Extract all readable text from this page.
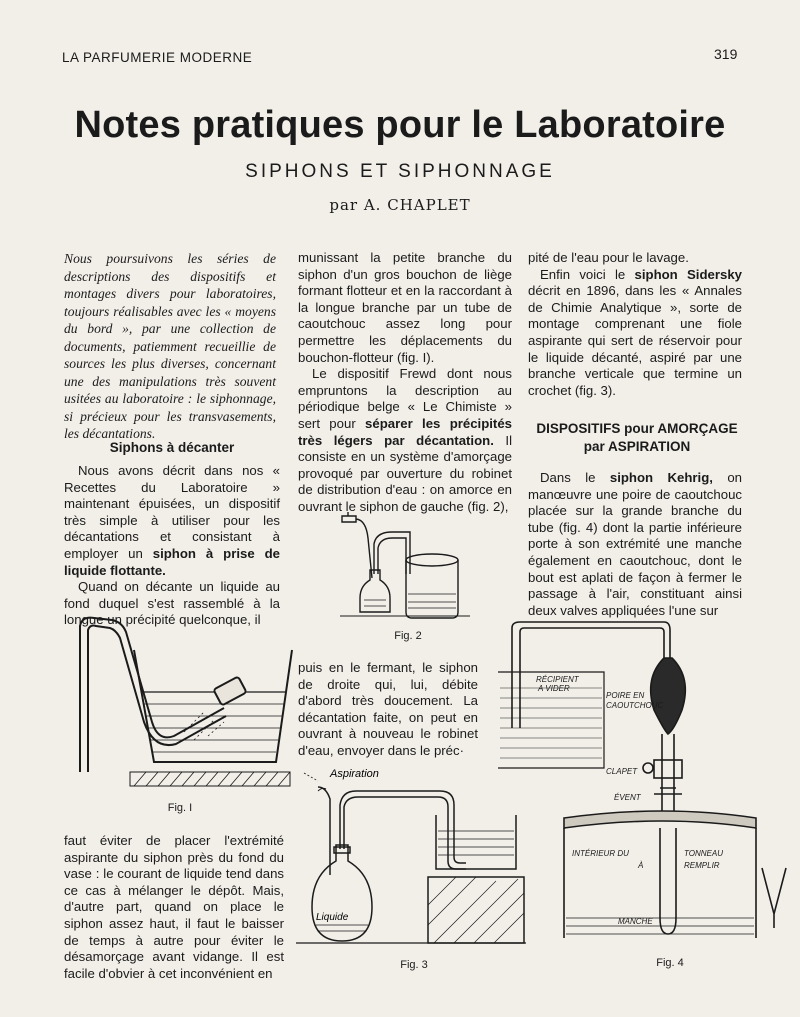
LA PARFUMERIE MODERNE	319
Notes pratiques pour le Laboratoire
SIPHONS ET SIPHONNAGE
par A. CHAPLET
Nous poursuivons les séries de descriptions des dispositifs et montages divers pour laboratoires, toujours réalisables avec les « moyens du bord », par une collection de documents, patiemment recueillie de sources les plus diverses, concernant une des manipulations très souvent usitées au laboratoire : le siphonnage, si précieux pour les transvasements, les décantations.
Siphons à décanter
Nous avons décrit dans nos « Recettes du Laboratoire » maintenant épuisées, un dispositif très simple à utiliser pour les décantations et consistant à employer un siphon à prise de liquide flottante.
Quand on décante un liquide au fond duquel s'est rassemblé à la longue un précipité quelconque, il
Fig. I
faut éviter de placer l'extrémité aspirante du siphon près du fond du vase : le courant de liquide tend dans ce cas à mélanger le dépôt. Mais, d'autre part, quand on place le siphon assez haut, il faut le baisser de temps à autre pour éviter le désamorçage avant vidange. Il est facile d'obvier à cet inconvénient en
munissant la petite branche du siphon d'un gros bouchon de liège formant flotteur et en la raccordant à la longue branche par un tube de caoutchouc assez long pour permettre les déplacements du bouchon-flotteur (fig. I).
Le dispositif Frewd dont nous empruntons la description au périodique belge « Le Chimiste » sert pour séparer les précipités très légers par décantation. Il consiste en un système d'amorçage provoqué par ouverture du robinet de distribution d'eau : on amorce en ouvrant le siphon de gauche (fig. 2),
Fig. 2
puis en le fermant, le siphon de droite qui, lui, débite d'abord très doucement. La décantation faite, on peut en ouvrant à nouveau le robinet d'eau, envoyer dans le préc·
Aspiration
Liquide
Fig. 3
pité de l'eau pour le lavage.
Enfin voici le siphon Sidersky décrit en 1896, dans les « Annales de Chimie Analytique », sorte de montage comprenant une fiole aspirante qui sert de réservoir pour le liquide décanté, aspiré par une branche verticale que termine un crochet (fig. 3).
DISPOSITIFS pour AMORÇAGE
par ASPIRATION
Dans le siphon Kehrig, on manœuvre une poire de caoutchouc placée sur la grande branche du tube (fig. 4) dont la partie inférieure porte à son extrémité une manche également en caoutchouc, dont le bout est aplati de façon à fermer le passage à l'air, constituant ainsi deux valves appliquées l'une sur
RÉCIPIENT
A VIDER
POIRE EN
CAOUTCHOUC
CLAPET
ÉVENT
INTÉRIEUR DU
À
TONNEAU
REMPLIR
MANCHE
Fig. 4
